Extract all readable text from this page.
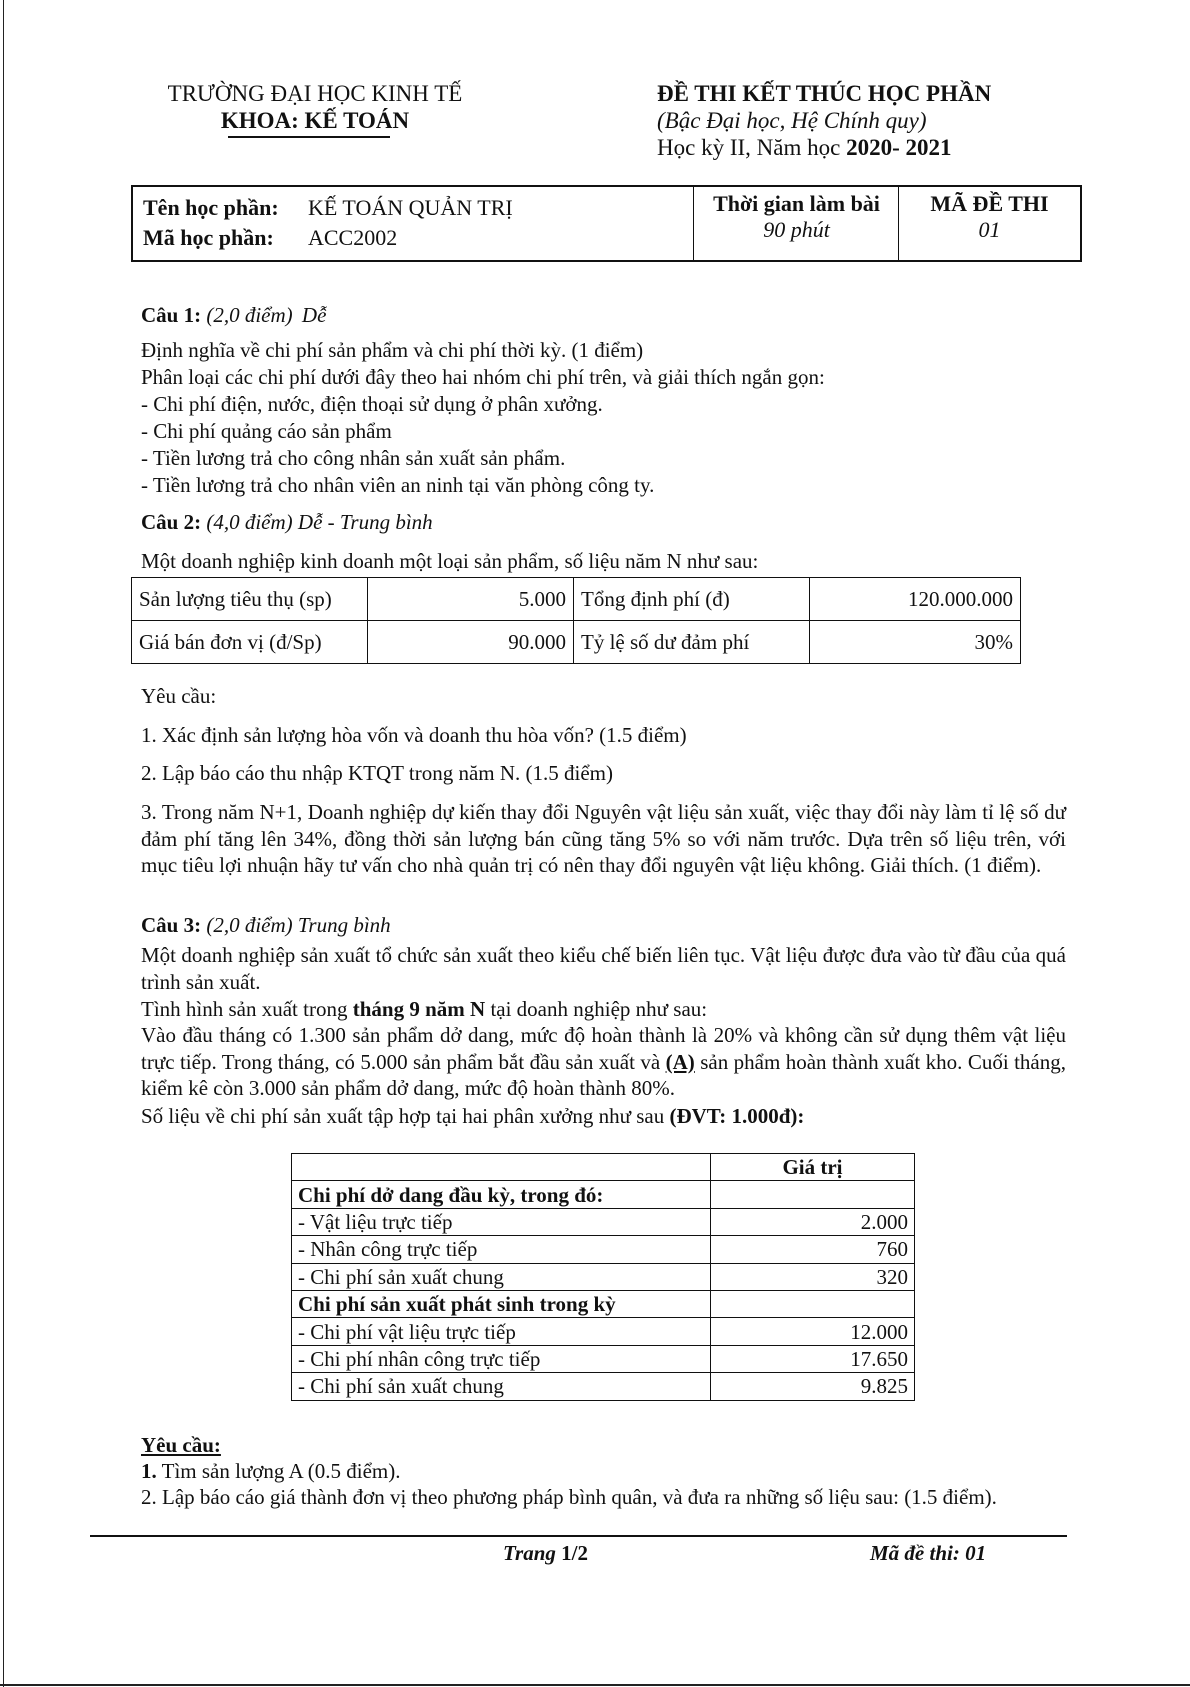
TRƯỜNG ĐẠI HỌC KINH TẾ
KHOA: KẾ TOÁN
ĐỀ THI KẾT THÚC HỌC PHẦN
(Bậc Đại học, Hệ Chính quy)
Học kỳ II, Năm học 2020- 2021
Tên học phần: KẾ TOÁN QUẢN TRỊ
Mã học phần: ACC2002
Thời gian làm bài
90 phút
MÃ ĐỀ THI
01
Câu 1: (2,0 điểm) Dễ
Định nghĩa về chi phí sản phẩm và chi phí thời kỳ. (1 điểm)
Phân loại các chi phí dưới đây theo hai nhóm chi phí trên, và giải thích ngắn gọn:
- Chi phí điện, nước, điện thoại sử dụng ở phân xưởng.
- Chi phí quảng cáo sản phẩm
- Tiền lương trả cho công nhân sản xuất sản phẩm.
- Tiền lương trả cho nhân viên an ninh tại văn phòng công ty.
Câu 2: (4,0 điểm) Dễ - Trung bình
Một doanh nghiệp kinh doanh một loại sản phẩm, số liệu năm N như sau:
Sản lượng tiêu thụ (sp)	5.000	Tổng định phí (đ)	120.000.000
Giá bán đơn vị (đ/Sp)	90.000	Tỷ lệ số dư đảm phí	30%
Yêu cầu:
1. Xác định sản lượng hòa vốn và doanh thu hòa vốn? (1.5 điểm)
2. Lập báo cáo thu nhập KTQT trong năm N. (1.5 điểm)
3. Trong năm N+1, Doanh nghiệp dự kiến thay đổi Nguyên vật liệu sản xuất, việc thay đổi này làm tỉ lệ số dư đảm phí tăng lên 34%, đồng thời sản lượng bán cũng tăng 5% so với năm trước. Dựa trên số liệu trên, với mục tiêu lợi nhuận hãy tư vấn cho nhà quản trị có nên thay đổi nguyên vật liệu không. Giải thích. (1 điểm).
Câu 3: (2,0 điểm) Trung bình
Một doanh nghiệp sản xuất tổ chức sản xuất theo kiểu chế biến liên tục. Vật liệu được đưa vào từ đầu của quá trình sản xuất.
Tình hình sản xuất trong tháng 9 năm N tại doanh nghiệp như sau:
Vào đầu tháng có 1.300 sản phẩm dở dang, mức độ hoàn thành là 20% và không cần sử dụng thêm vật liệu trực tiếp. Trong tháng, có 5.000 sản phẩm bắt đầu sản xuất và (A) sản phẩm hoàn thành xuất kho. Cuối tháng, kiểm kê còn 3.000 sản phẩm dở dang, mức độ hoàn thành 80%.
Số liệu về chi phí sản xuất tập hợp tại hai phân xưởng như sau (ĐVT: 1.000đ):
	Giá trị
Chi phí dở dang đầu kỳ, trong đó:	
- Vật liệu trực tiếp	2.000
- Nhân công trực tiếp	760
- Chi phí sản xuất chung	320
Chi phí sản xuất phát sinh trong kỳ	
- Chi phí vật liệu trực tiếp	12.000
- Chi phí nhân công trực tiếp	17.650
- Chi phí sản xuất chung	9.825
Yêu cầu:
1. Tìm sản lượng A (0.5 điểm).
2. Lập báo cáo giá thành đơn vị theo phương pháp bình quân, và đưa ra những số liệu sau: (1.5 điểm).
Trang 1/2	Mã đề thi: 01
